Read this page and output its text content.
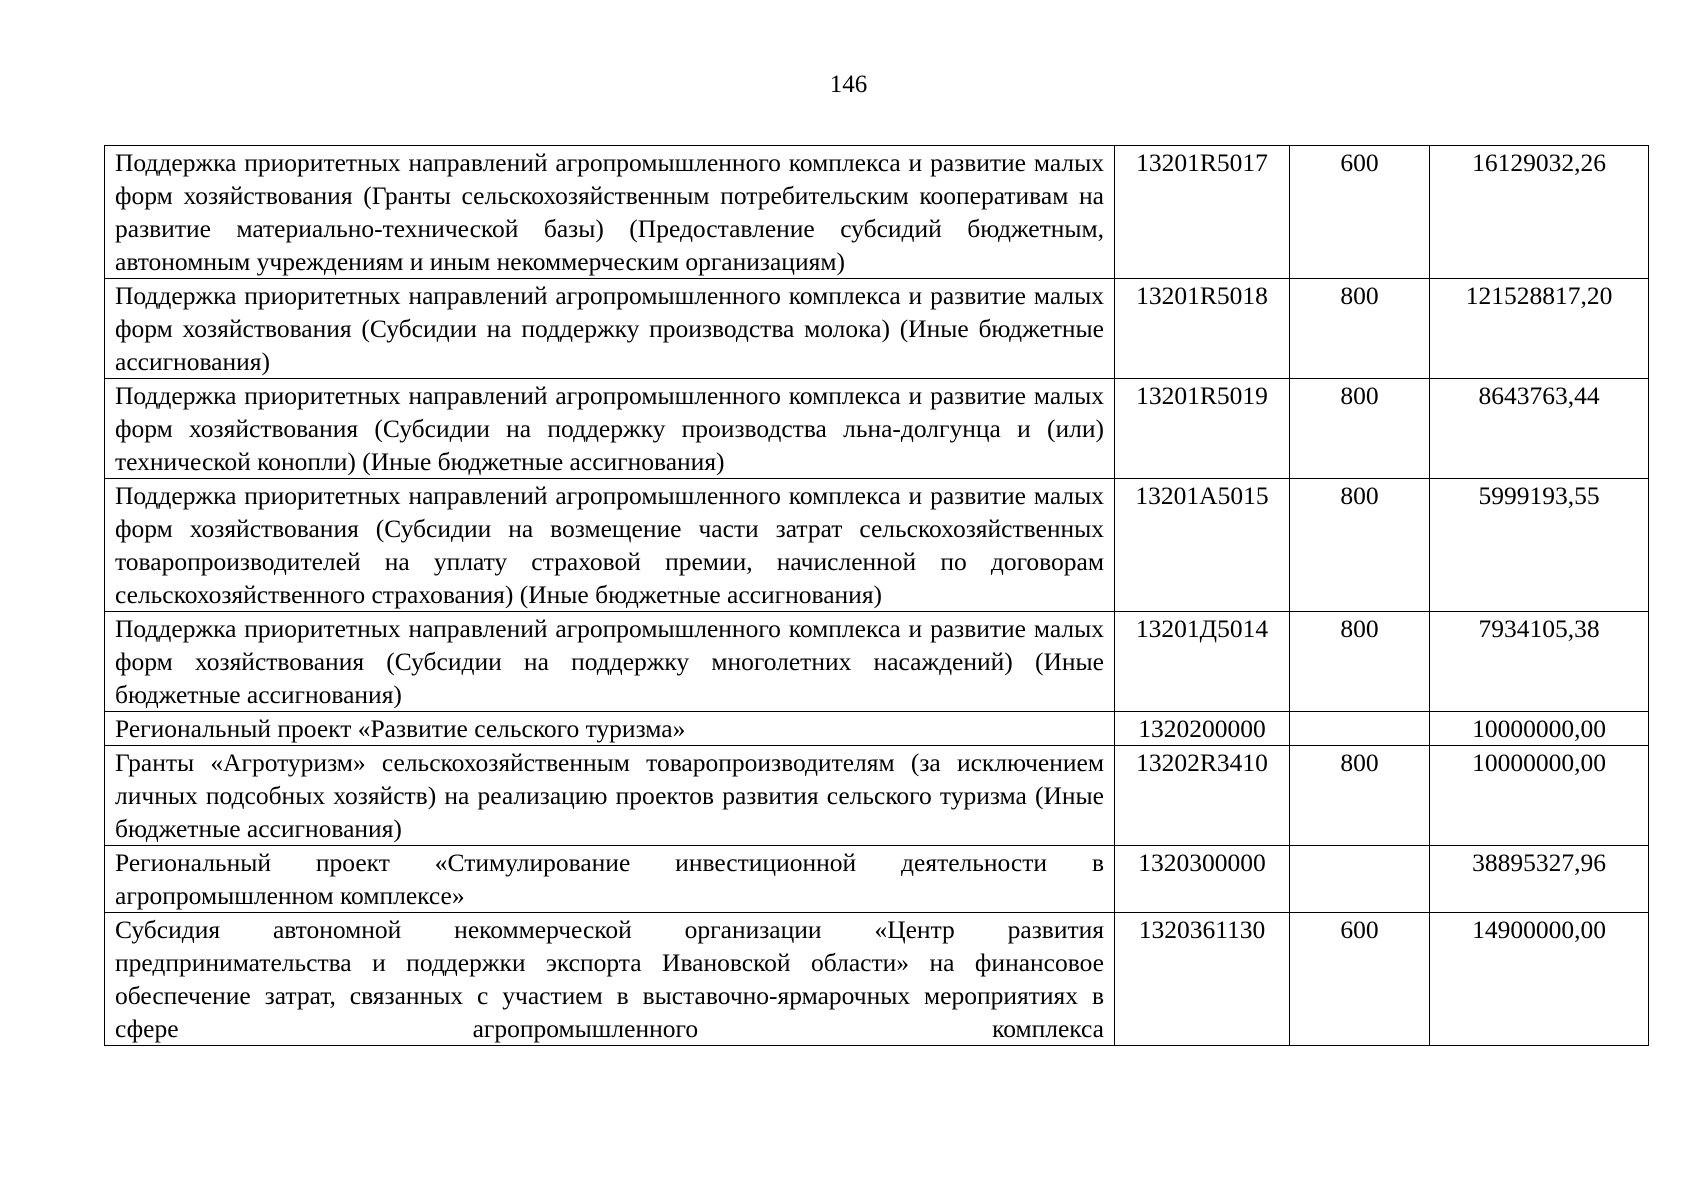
146
Поддержка приоритетных направлений агропромышленного комплекса и развитие малых форм хозяйствования (Гранты сельскохозяйственным потребительским кооперативам на развитие материально-технической базы) (Предоставление субсидий бюджетным, автономным учреждениям и иным некоммерческим организациям)	13201R5017	600	16129032,26
Поддержка приоритетных направлений агропромышленного комплекса и развитие малых форм хозяйствования (Субсидии на поддержку производства молока) (Иные бюджетные ассигнования)	13201R5018	800	121528817,20
Поддержка приоритетных направлений агропромышленного комплекса и развитие малых форм хозяйствования (Субсидии на поддержку производства льна-долгунца и (или) технической конопли) (Иные бюджетные ассигнования)	13201R5019	800	8643763,44
Поддержка приоритетных направлений агропромышленного комплекса и развитие малых форм хозяйствования (Субсидии на возмещение части затрат сельскохозяйственных товаропроизводителей на уплату страховой премии, начисленной по договорам сельскохозяйственного страхования) (Иные бюджетные ассигнования)	13201А5015	800	5999193,55
Поддержка приоритетных направлений агропромышленного комплекса и развитие малых форм хозяйствования (Субсидии на поддержку многолетних насаждений) (Иные бюджетные ассигнования)	13201Д5014	800	7934105,38
Региональный проект «Развитие сельского туризма»	1320200000		10000000,00
Гранты «Агротуризм» сельскохозяйственным товаропроизводителям (за исключением личных подсобных хозяйств) на реализацию проектов развития сельского туризма (Иные бюджетные ассигнования)	13202R3410	800	10000000,00
Региональный проект «Стимулирование инвестиционной деятельности в агропромышленном комплексе»	1320300000		38895327,96
Субсидия автономной некоммерческой организации «Центр развития предпринимательства и поддержки экспорта Ивановской области» на финансовое обеспечение затрат, связанных с участием в выставочно-ярмарочных мероприятиях в сфере агропромышленного комплекса	1320361130	600	14900000,00
